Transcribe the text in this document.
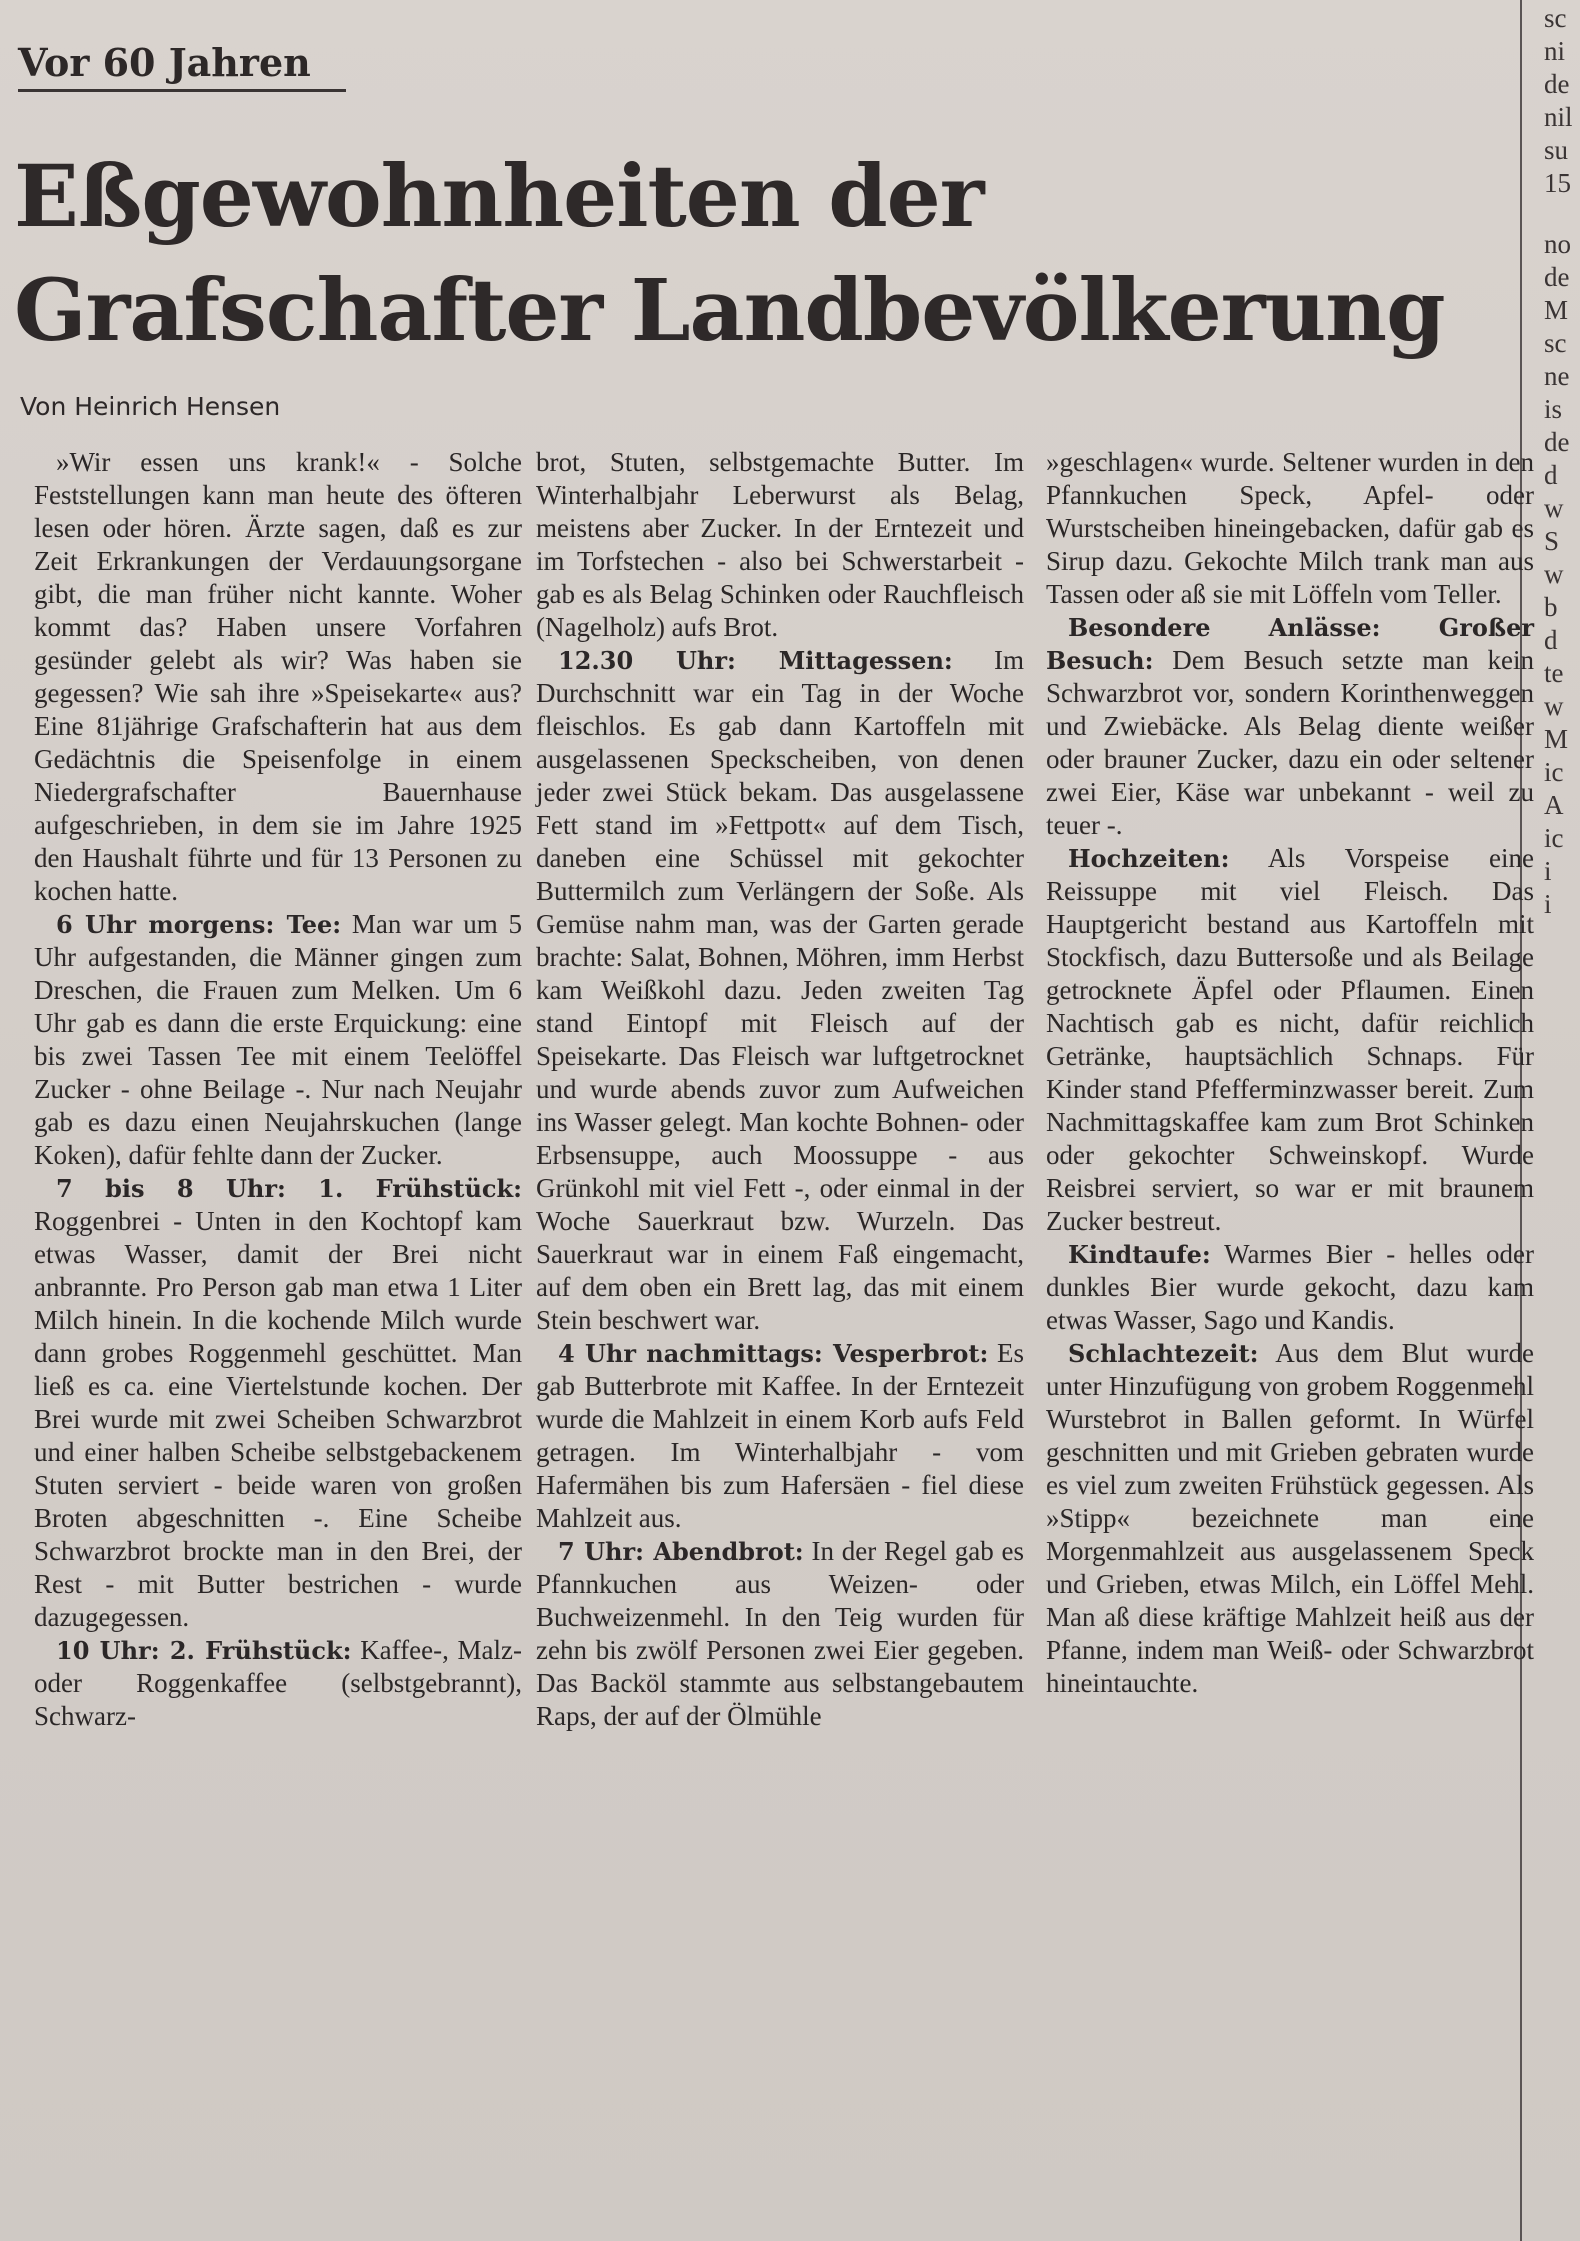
Vor 60 Jahren
Eßgewohnheiten der Grafschafter Landbevölkerung

Von Heinrich Hensen

»Wir essen uns krank!« - Solche Feststellungen kann man heute des öfteren lesen oder hören. Ärzte sagen, daß es zur Zeit Erkrankungen der Verdauungsorgane gibt, die man früher nicht kannte. Woher kommt das? Haben unsere Vorfahren gesünder gelebt als wir? Was haben sie gegessen? Wie sah ihre »Speisekarte« aus? Eine 81jährige Grafschafterin hat aus dem Gedächtnis die Speisenfolge in einem Niedergrafschafter Bauernhause aufgeschrieben, in dem sie im Jahre 1925 den Haushalt führte und für 13 Personen zu kochen hatte.

6 Uhr morgens: Tee: Man war um 5 Uhr aufgestanden, die Männer gingen zum Dreschen, die Frauen zum Melken. Um 6 Uhr gab es dann die erste Erquickung: eine bis zwei Tassen Tee mit einem Teelöffel Zucker - ohne Beilage -. Nur nach Neujahr gab es dazu einen Neujahrskuchen (lange Koken), dafür fehlte dann der Zucker.

7 bis 8 Uhr: 1. Frühstück: Roggenbrei - Unten in den Kochtopf kam etwas Wasser, damit der Brei nicht anbrannte. Pro Person gab man etwa 1 Liter Milch hinein. In die kochende Milch wurde dann grobes Roggenmehl geschüttet. Man ließ es ca. eine Viertelstunde kochen. Der Brei wurde mit zwei Scheiben Schwarzbrot und einer halben Scheibe selbstgebackenem Stuten serviert - beide waren von großen Broten abgeschnitten -. Eine Scheibe Schwarzbrot brockte man in den Brei, der Rest - mit Butter bestrichen - wurde dazugegessen.

10 Uhr: 2. Frühstück: Kaffee-, Malz- oder Roggenkaffee (selbstgebrannt), Schwarz-

brot, Stuten, selbstgemachte Butter. Im Winterhalbjahr Leberwurst als Belag, meistens aber Zucker. In der Erntezeit und im Torfstechen - also bei Schwerstarbeit - gab es als Belag Schinken oder Rauchfleisch (Nagelholz) aufs Brot.

12.30 Uhr: Mittagessen: Im Durchschnitt war ein Tag in der Woche fleischlos. Es gab dann Kartoffeln mit ausgelassenen Speckscheiben, von denen jeder zwei Stück bekam. Das ausgelassene Fett stand im »Fettpott« auf dem Tisch, daneben eine Schüssel mit gekochter Buttermilch zum Verlängern der Soße. Als Gemüse nahm man, was der Garten gerade brachte: Salat, Bohnen, Möhren, imm Herbst kam Weißkohl dazu. Jeden zweiten Tag stand Eintopf mit Fleisch auf der Speisekarte. Das Fleisch war luftgetrocknet und wurde abends zuvor zum Aufweichen ins Wasser gelegt. Man kochte Bohnen- oder Erbsensuppe, auch Moossuppe - aus Grünkohl mit viel Fett -, oder einmal in der Woche Sauerkraut bzw. Wurzeln. Das Sauerkraut war in einem Faß eingemacht, auf dem oben ein Brett lag, das mit einem Stein beschwert war.

4 Uhr nachmittags: Vesperbrot: Es gab Butterbrote mit Kaffee. In der Erntezeit wurde die Mahlzeit in einem Korb aufs Feld getragen. Im Winterhalbjahr - vom Hafermähen bis zum Hafersäen - fiel diese Mahlzeit aus.

7 Uhr: Abendbrot: In der Regel gab es Pfannkuchen aus Weizen- oder Buchweizenmehl. In den Teig wurden für zehn bis zwölf Personen zwei Eier gegeben. Das Backöl stammte aus selbstangebautem Raps, der auf der Ölmühle

»geschlagen« wurde. Seltener wurden in den Pfannkuchen Speck, Apfel- oder Wurstscheiben hineingebacken, dafür gab es Sirup dazu. Gekochte Milch trank man aus Tassen oder aß sie mit Löffeln vom Teller.

Besondere Anlässe: Großer Besuch: Dem Besuch setzte man kein Schwarzbrot vor, sondern Korinthenweggen und Zwiebäcke. Als Belag diente weißer oder brauner Zucker, dazu ein oder seltener zwei Eier, Käse war unbekannt - weil zu teuer -.

Hochzeiten: Als Vorspeise eine Reissuppe mit viel Fleisch. Das Hauptgericht bestand aus Kartoffeln mit Stockfisch, dazu Buttersoße und als Beilage getrocknete Äpfel oder Pflaumen. Einen Nachtisch gab es nicht, dafür reichlich Getränke, hauptsächlich Schnaps. Für Kinder stand Pfefferminzwasser bereit. Zum Nachmittagskaffee kam zum Brot Schinken oder gekochter Schweinskopf. Wurde Reisbrei serviert, so war er mit braunem Zucker bestreut.

Kindtaufe: Warmes Bier - helles oder dunkles Bier wurde gekocht, dazu kam etwas Wasser, Sago und Kandis.

Schlachtezeit: Aus dem Blut wurde unter Hinzufügung von grobem Roggenmehl Wurstebrot in Ballen geformt. In Würfel geschnitten und mit Grieben gebraten wurde es viel zum zweiten Frühstück gegessen. Als »Stipp« bezeichnete man eine Morgenmahlzeit aus ausgelassenem Speck und Grieben, etwas Milch, ein Löffel Mehl. Man aß diese kräftige Mahlzeit heiß aus der Pfanne, indem man Weiß- oder Schwarzbrot hineintauchte.

sc
ni
de
nil
su
15
no
de
M
sc
ne
is
de
d
w
S
w
b
d
te
w
M
ic
A
ic
i
i
